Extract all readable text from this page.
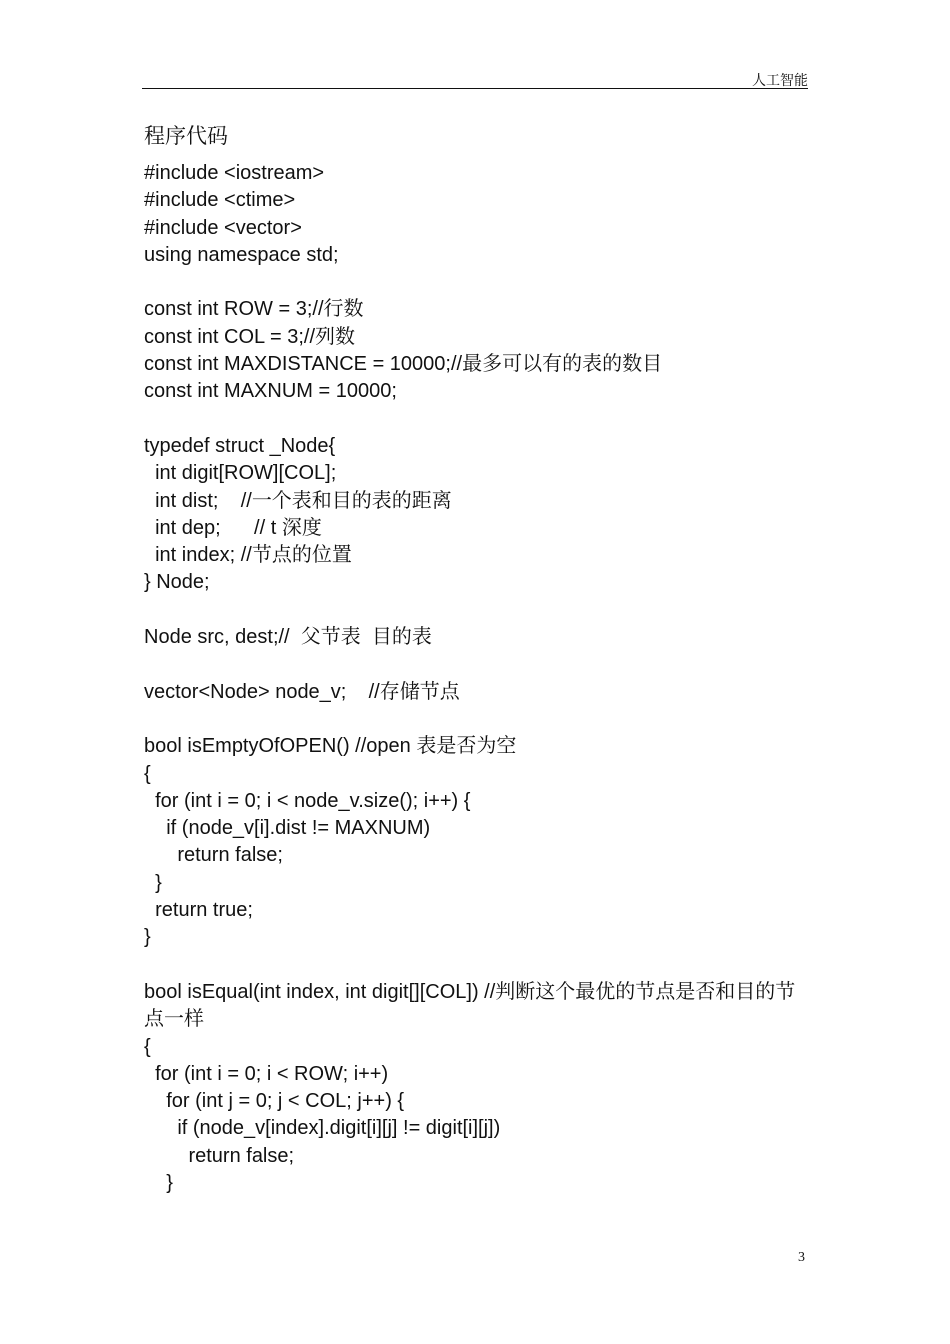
人工智能
程序代码
#include <iostream>
#include <ctime>
#include <vector>
using namespace std;
const int ROW = 3;//行数
const int COL = 3;//列数
const int MAXDISTANCE = 10000;//最多可以有的表的数目
const int MAXNUM = 10000;
typedef struct _Node{
int digit[ROW][COL];
int dist;    //一个表和目的表的距离
int dep;      // t 深度
int index; //节点的位置
} Node;
Node src, dest;//  父节表  目的表
vector<Node> node_v;    //存储节点
bool isEmptyOfOPEN() //open 表是否为空
{
for (int i = 0; i < node_v.size(); i++) {
if (node_v[i].dist != MAXNUM)
return false;
}
return true;
}
bool isEqual(int index, int digit[][COL]) //判断这个最优的节点是否和目的节点一样
{
for (int i = 0; i < ROW; i++)
for (int j = 0; j < COL; j++) {
if (node_v[index].digit[i][j] != digit[i][j])
return false;
}
3
